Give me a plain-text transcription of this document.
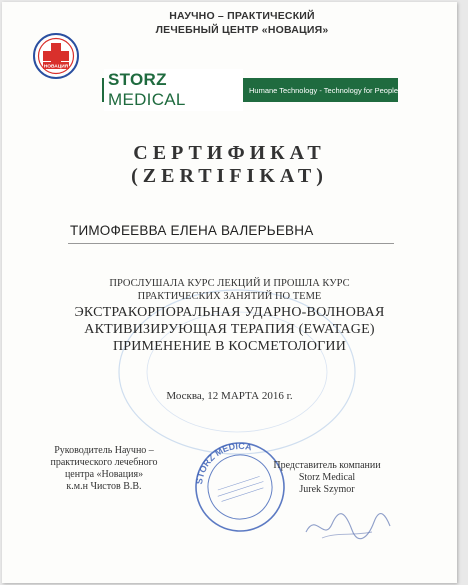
НОВАЦИЯ
НАУЧНО – ПРАКТИЧЕСКИЙ
ЛЕЧЕБНЫЙ ЦЕНТР «НОВАЦИЯ»
STORZ MEDICAL	Humane Technology - Technology for People
СЕРТИФИКАТ
(ZERTIFIKAT)
ТИМОФЕЕВВА ЕЛЕНА ВАЛЕРЬЕВНА
ПРОСЛУШАЛА КУРС ЛЕКЦИЙ И ПРОШЛА КУРС
ПРАКТИЧЕСКИХ ЗАНЯТИЙ ПО ТЕМЕ
ЭКСТРАКОРПОРАЛЬНАЯ УДАРНО-ВОЛНОВАЯ
АКТИВИЗИРУЮЩАЯ ТЕРАПИЯ (EWATAGE)
ПРИМЕНЕНИЕ В КОСМЕТОЛОГИИ
Москва, 12 МАРТА 2016 г.
Руководитель Научно –
практического лечебного
центра «Новация»
к.м.н Чистов В.В.	STORZ MEDICA
Представитель компании
Storz Medical
Jurek Szymor
